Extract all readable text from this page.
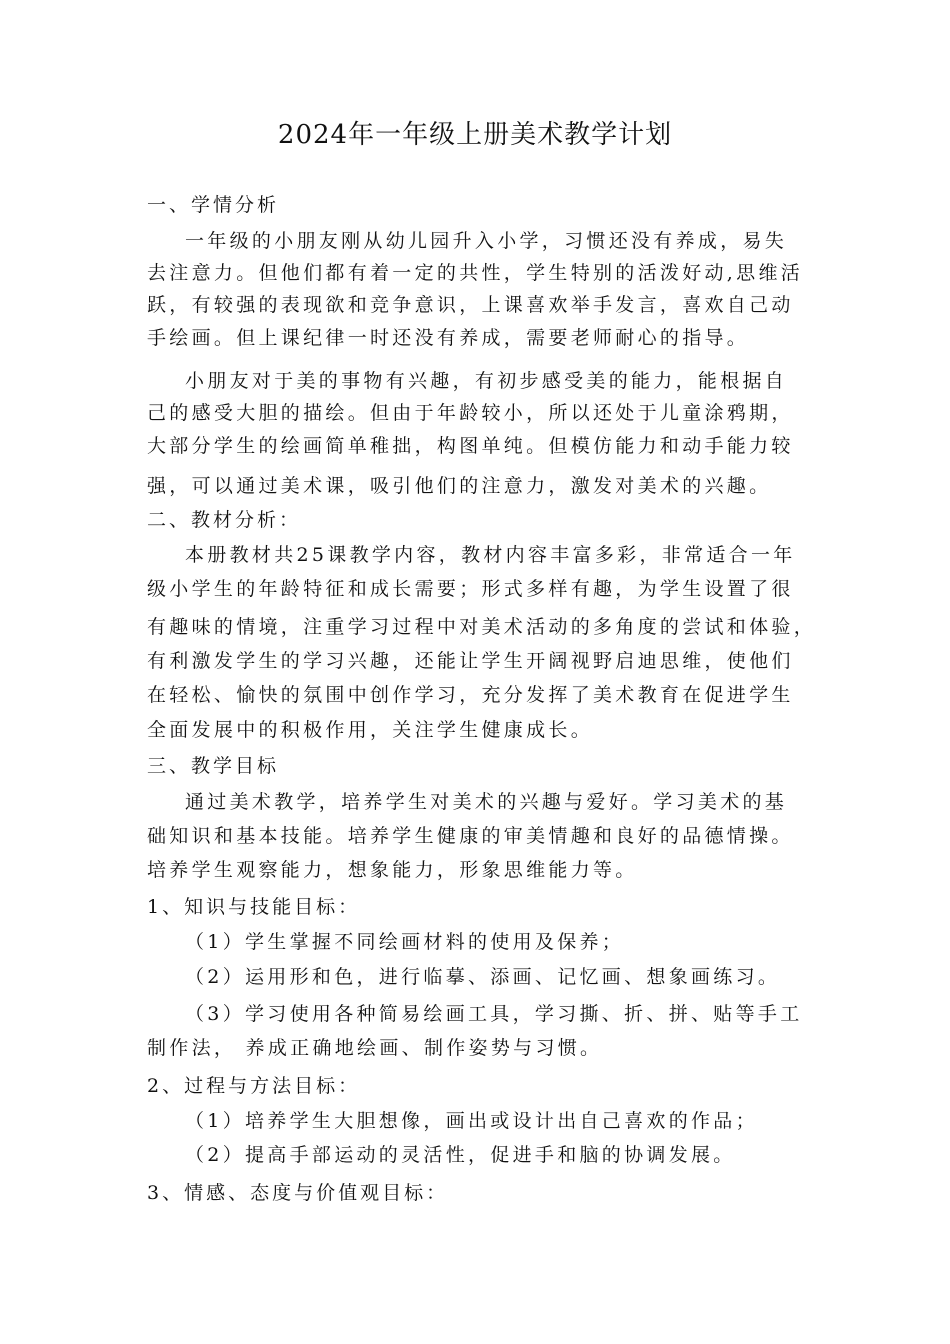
2024年一年级上册美术教学计划
一、学情分析
一年级的小朋友刚从幼儿园升入小学，习惯还没有养成，易失
去注意力。但他们都有着一定的共性，学生特别的活泼好动,思维活
跃，有较强的表现欲和竞争意识，上课喜欢举手发言，喜欢自己动
手绘画。但上课纪律一时还没有养成，需要老师耐心的指导。
小朋友对于美的事物有兴趣，有初步感受美的能力，能根据自
己的感受大胆的描绘。但由于年龄较小，所以还处于儿童涂鸦期，
大部分学生的绘画简单稚拙，构图单纯。但模仿能力和动手能力较
强，可以通过美术课，吸引他们的注意力，激发对美术的兴趣。
二、教材分析：
本册教材共25课教学内容，教材内容丰富多彩，非常适合一年
级小学生的年龄特征和成长需要；形式多样有趣，为学生设置了很
有趣味的情境，注重学习过程中对美术活动的多角度的尝试和体验，
有利激发学生的学习兴趣，还能让学生开阔视野启迪思维，使他们
在轻松、愉快的氛围中创作学习，充分发挥了美术教育在促进学生
全面发展中的积极作用，关注学生健康成长。
三、教学目标
通过美术教学，培养学生对美术的兴趣与爱好。学习美术的基
础知识和基本技能。培养学生健康的审美情趣和良好的品德情操。
培养学生观察能力，想象能力，形象思维能力等。
1、知识与技能目标：
（1）学生掌握不同绘画材料的使用及保养；
（2）运用形和色，进行临摹、添画、记忆画、想象画练习。
（3）学习使用各种简易绘画工具，学习撕、折、拼、贴等手工
制作法， 养成正确地绘画、制作姿势与习惯。
2、过程与方法目标：
（1）培养学生大胆想像，画出或设计出自己喜欢的作品；
（2）提高手部运动的灵活性，促进手和脑的协调发展。
3、情感、态度与价值观目标：
